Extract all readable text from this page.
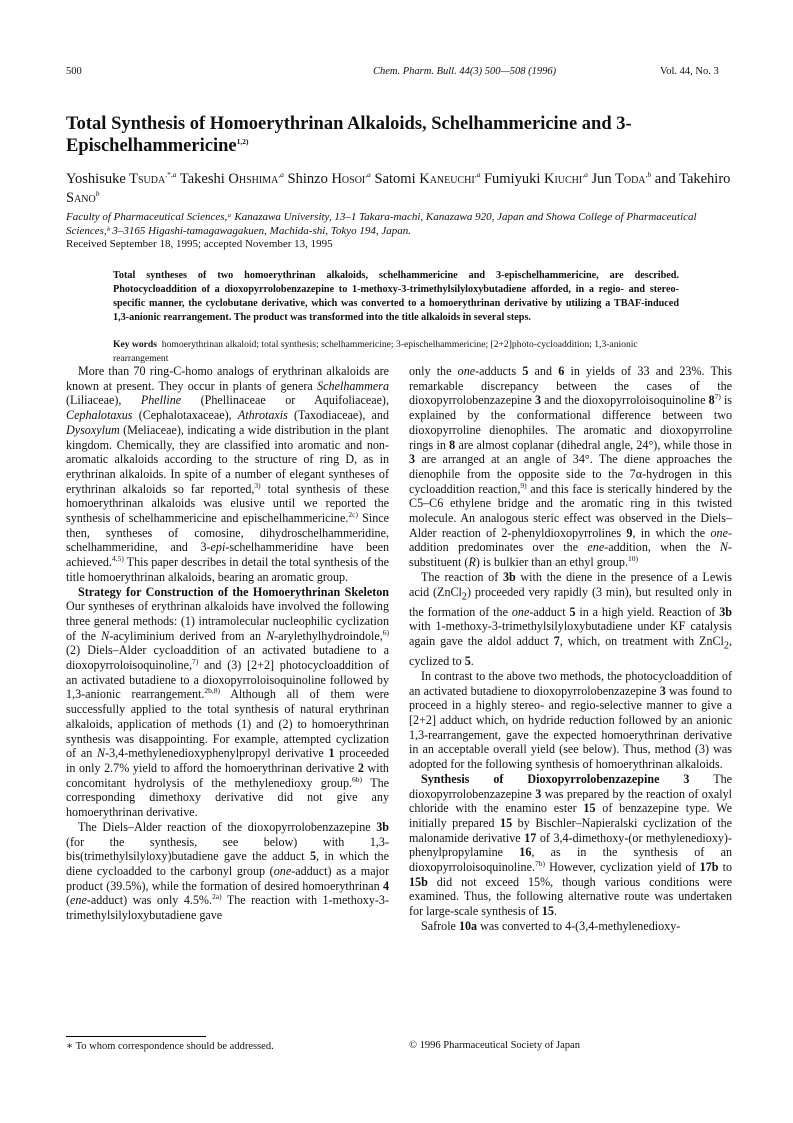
500	Chem. Pharm. Bull. 44(3) 500—508 (1996)	Vol. 44, No. 3
Total Synthesis of Homoerythrinan Alkaloids, Schelhammericine and 3-Epischelhammericine$^{1,2)}$
Yoshisuke Tsuda$^{,*,a}$ Takeshi Ohshima$^{,a}$ Shinzo Hosoi$^{,a}$ Satomi Kaneuchi$^{,a}$ Fumiyuki Kiuchi$^{,a}$ Jun Toda$^{,b}$ and Takehiro Sano$^b$
Faculty of Pharmaceutical Sciences,ᵃ Kanazawa University, 13–1 Takara-machi, Kanazawa 920, Japan and Showa College of Pharmaceutical Sciences,ᵇ 3–3165 Higashi-tamagawagakuen, Machida-shi, Tokyo 194, Japan.
Received September 18, 1995; accepted November 13, 1995
Total syntheses of two homoerythrinan alkaloids, schelhammericine and 3-epischelhammericine, are described. Photocycloaddition of a dioxopyrrolobenzazepine to 1-methoxy-3-trimethylsilyloxybutadiene afforded, in a regio- and stereo-specific manner, the cyclobutane derivative, which was converted to a homoerythrinan derivative by utilizing a TBAF-induced 1,3-anionic rearrangement. The product was transformed into the title alkaloids in several steps.
Key words homoerythrinan alkaloid; total synthesis; schelhammericine; 3-epischelhammericine; [2+2]photo-cycloaddition; 1,3-anionic rearrangement

More than 70 ring-C-homo analogs of erythrinan alkaloids are known at present. They occur in plants of genera Schelhammera (Liliaceae), Phelline (Phellinaceae or Aquifoliaceae), Cephalotaxus (Cephalotaxaceae), Athrotaxis (Taxodiaceae), and Dysoxylum (Meliaceae), indicating a wide distribution in the plant kingdom. Chemically, they are classified into aromatic and non-aromatic alkaloids according to the structure of ring D, as in erythrinan alkaloids. In spite of a number of elegant syntheses of erythrinan alkaloids so far reported,$^{3)}$ total synthesis of these homoerythrinan alkaloids was elusive until we reported the synthesis of schelhammericine and epischelhammericine.$^{2c)}$ Since then, syntheses of comosine, dihydroschelhammeridine, schelhammeridine, and 3-epi-schelhammeridine have been achieved.$^{4,5)}$ This paper describes in detail the total synthesis of the title homoerythrinan alkaloids, bearing an aromatic group.

Strategy for Construction of the Homoerythrinan Skeleton Our syntheses of erythrinan alkaloids have involved the following three general methods: (1) intramolecular nucleophilic cyclization of the N-acyliminium derived from an N-arylethylhydroindole,$^{6)}$ (2) Diels–Alder cycloaddition of an activated butadiene to a dioxopyrroloisoquinoline,$^{7)}$ and (3) [2+2] photocycloaddition of an activated butadiene to a dioxopyrroloisoquinoline followed by 1,3-anionic rearrangement.$^{2b,8)}$ Although all of them were successfully applied to the total synthesis of natural erythrinan alkaloids, application of methods (1) and (2) to homoerythrinan synthesis was disappointing. For example, attempted cyclization of an N-3,4-methylenedioxyphenylpropyl derivative 1 proceeded in only 2.7% yield to afford the homoerythrinan derivative 2 with concomitant hydrolysis of the methylenedioxy group.$^{6b)}$ The corresponding dimethoxy derivative did not give any homoerythrinan derivative.

The Diels–Alder reaction of the dioxopyrrolobenzazepine 3b (for the synthesis, see below) with 1,3-bis(trimethylsilyloxy)butadiene gave the adduct 5, in which the diene cycloadded to the carbonyl group (one-adduct) as a major product (39.5%), while the formation of desired homoerythrinan 4 (ene-adduct) was only 4.5%.$^{2a)}$ The reaction with 1-methoxy-3-trimethylsilyloxybutadiene gave

only the one-adducts 5 and 6 in yields of 33 and 23%. This remarkable discrepancy between the cases of the dioxopyrrolobenzazepine 3 and the dioxopyrroloisoquinoline 8$^{7)}$ is explained by the conformational difference between two dioxopyrroline dienophiles. The aromatic and dioxopyrroline rings in 8 are almost coplanar (dihedral angle, 24°), while those in 3 are arranged at an angle of 34°. The diene approaches the dienophile from the opposite side to the 7α-hydrogen in this cycloaddition reaction,$^{9)}$ and this face is sterically hindered by the C5–C6 ethylene bridge and the aromatic ring in this twisted molecule. An analogous steric effect was observed in the Diels–Alder reaction of 2-phenyldioxopyrrolines 9, in which the one-addition predominates over the ene-addition, when the N-substituent (R) is bulkier than an ethyl group.$^{10)}$

The reaction of 3b with the diene in the presence of a Lewis acid (ZnCl$_2$) proceeded very rapidly (3 min), but resulted only in the formation of the one-adduct 5 in a high yield. Reaction of 3b with 1-methoxy-3-trimethylsilyloxybutadiene under KF catalysis again gave the aldol adduct 7, which, on treatment with ZnCl$_2$, cyclized to 5.

In contrast to the above two methods, the photocycloaddition of an activated butadiene to dioxopyrrolobenzazepine 3 was found to proceed in a highly stereo- and regio-selective manner to give a [2+2] adduct which, on hydride reduction followed by an anionic 1,3-rearrangement, gave the expected homoerythrinan derivative in an acceptable overall yield (see below). Thus, method (3) was adopted for the following synthesis of homoerythrinan alkaloids.

Synthesis of Dioxopyrrolobenzazepine 3 The dioxopyrrolobenzazepine 3 was prepared by the reaction of oxalyl chloride with the enamino ester 15 of benzazepine type. We initially prepared 15 by Bischler–Napieralski cyclization of the malonamide derivative 17 of 3,4-dimethoxy-(or methylenedioxy)-phenylpropylamine 16, as in the synthesis of an dioxopyrroloisoquinoline.$^{7b)}$ However, cyclization yield of 17b to 15b did not exceed 15%, though various conditions were examined. Thus, the following alternative route was undertaken for large-scale synthesis of 15.

Safrole 10a was converted to 4-(3,4-methylenedioxy-

∗ To whom correspondence should be addressed.	© 1996 Pharmaceutical Society of Japan
